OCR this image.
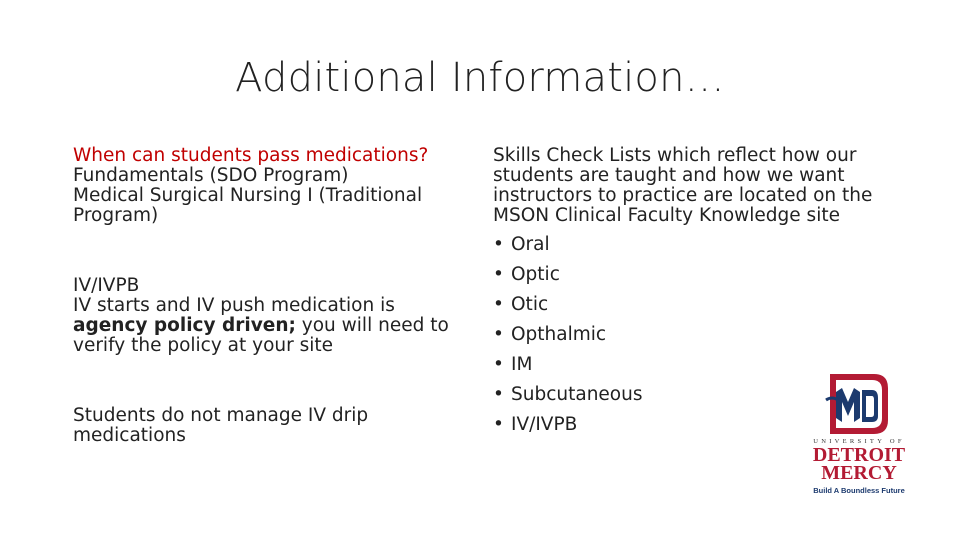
Additional Information…

When can students pass medications?

Fundamentals (SDO Program)

Medical Surgical Nursing I (Traditional Program)

IV/IVPB

IV starts and IV push medication is agency policy driven; you will need to verify the policy at your site

Students do not manage IV drip medications

Skills Check Lists which reflect how our students are taught and how we want instructors to practice are located on the MSON Clinical Faculty Knowledge site

• Oral
• Optic
• Otic
• Opthalmic
• IM
• Subcutaneous
• IV/IVPB
UNIVERSITY OF
DETROIT
MERCY
Build A Boundless Future
